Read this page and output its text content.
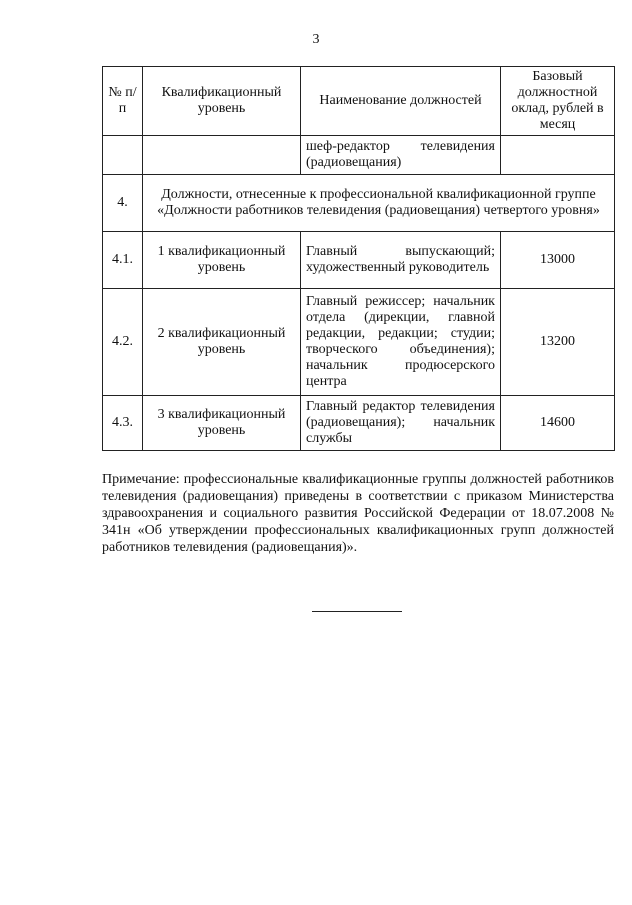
3
№ п/п	Квалификационный уровень	Наименование должностей	Базовый должностной оклад, рублей в месяц
		шеф-редактор телевидения (радиовещания)	
4.	Должности, отнесенные к профессиональной квалификационной группе «Должности работников телевидения (радиовещания) четвертого уровня»		
4.1.	1 квалификационный уровень	Главный выпускающий; художественный руководитель	13000
4.2.	2 квалификационный уровень	Главный режиссер; начальник отдела (дирекции, главной редакции, редакции; студии; творческого объединения); начальник продюсерского центра	13200
4.3.	3 квалификационный уровень	Главный редактор телевидения (радиовещания); начальник службы	14600

Примечание: профессиональные квалификационные группы должностей работников телевидения (радиовещания) приведены в соответствии с приказом Министерства здравоохранения и социального развития Российской Федерации от 18.07.2008 № 341н «Об утверждении профессиональных квалификационных групп должностей работников телевидения (радиовещания)».
